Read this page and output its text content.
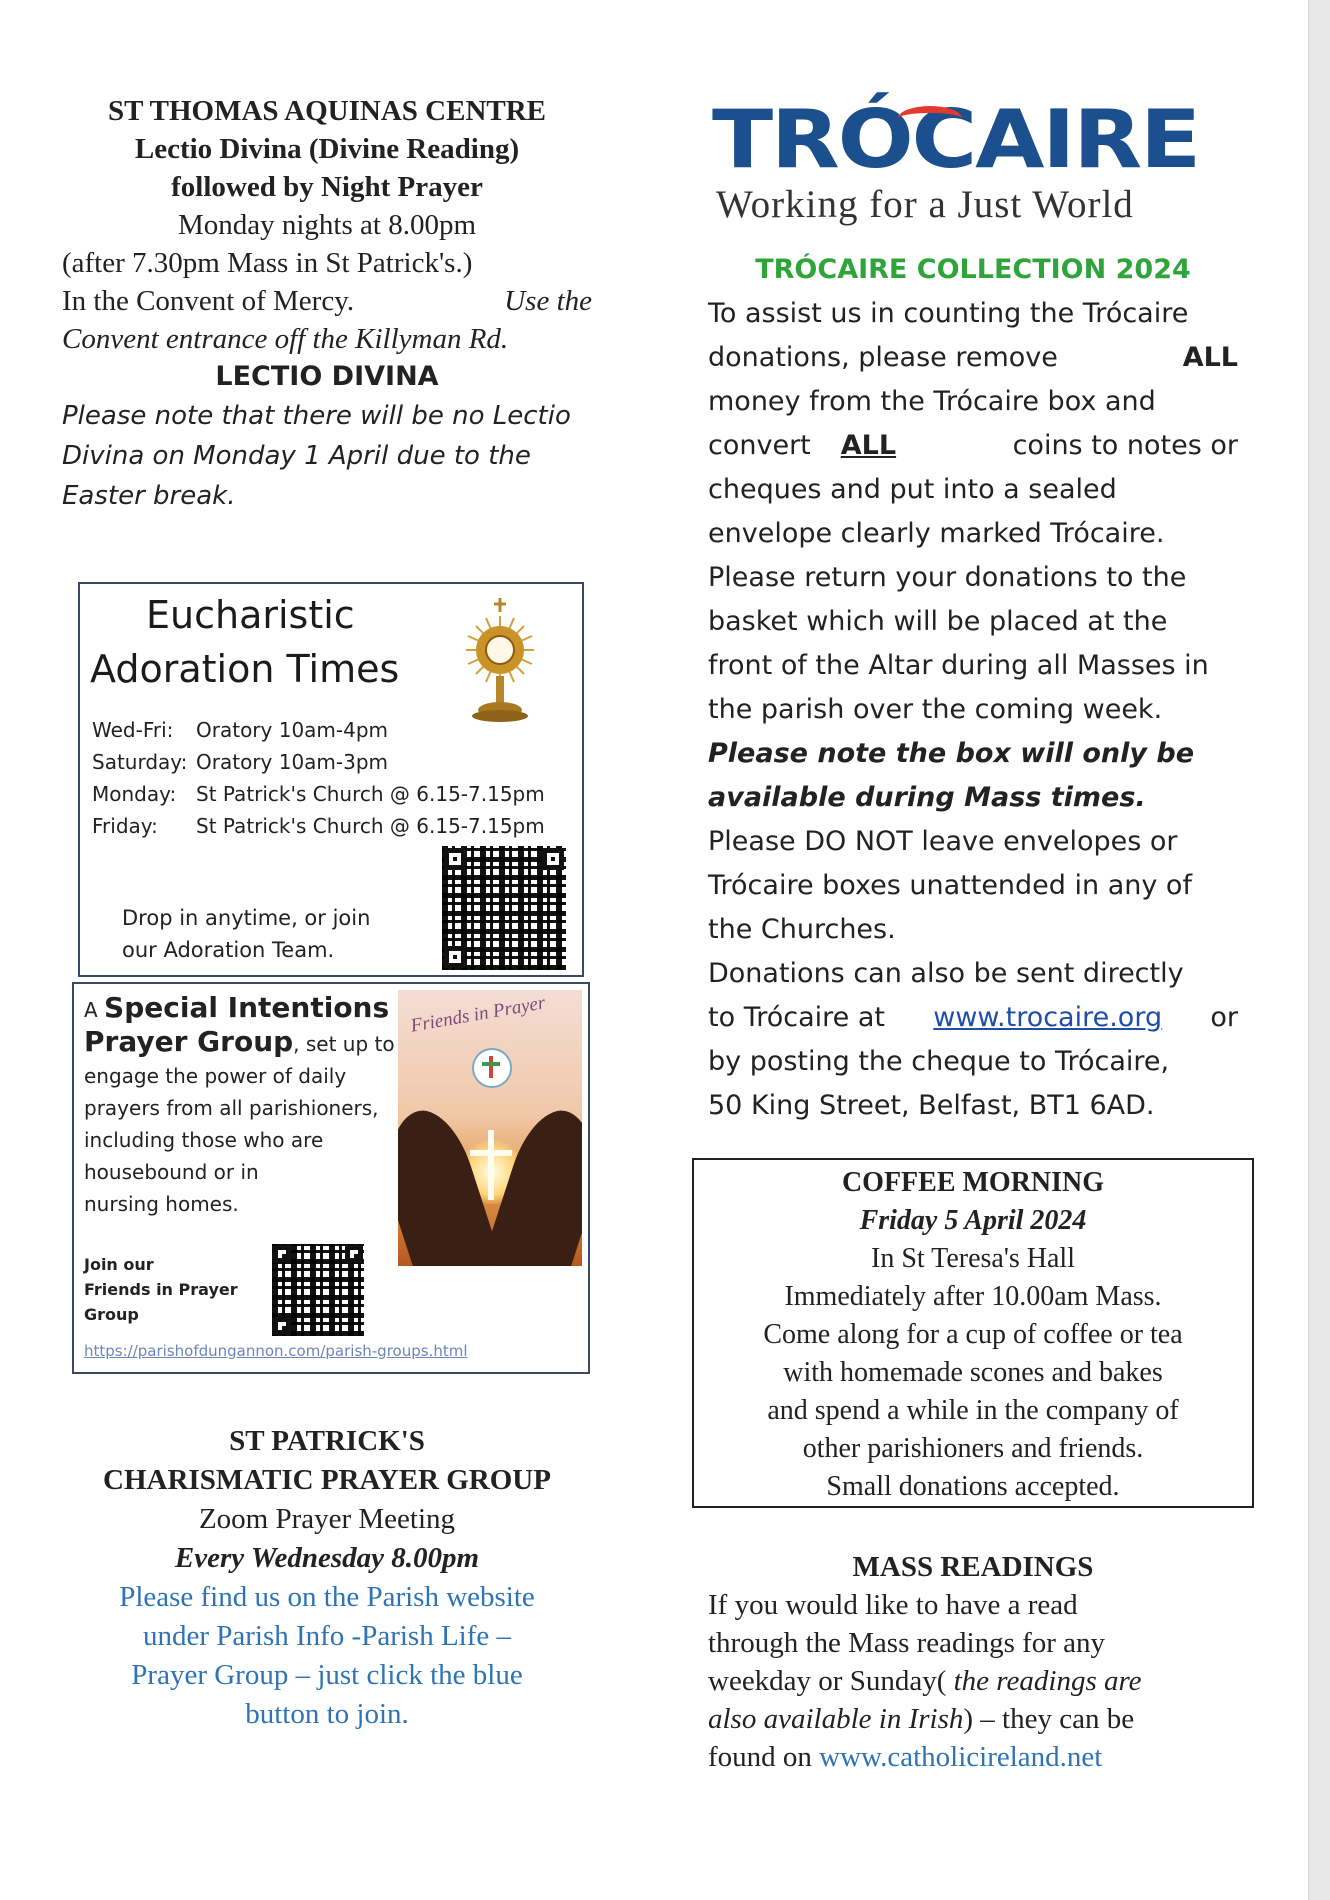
ST THOMAS AQUINAS CENTRE
Lectio Divina (Divine Reading)
followed by Night Prayer
Monday nights at 8.00pm
(after 7.30pm Mass in St Patrick's.)
In the Convent of Mercy.	Use the
Convent entrance off the Killyman Rd.
LECTIO DIVINA
Please note that there will be no Lectio
Divina on Monday 1 April due to the
Easter break.
Eucharistic
Adoration Times
Wed-Fri: Oratory 10am-4pm
Saturday: Oratory 10am-3pm
Monday: St Patrick's Church @ 6.15-7.15pm
Friday: St Patrick's Church @ 6.15-7.15pm
Drop in anytime, or join
our Adoration Team.
A Special Intentions
Prayer Group, set up to
engage the power of daily
prayers from all parishioners,
including those who are
housebound or in
nursing homes.
Join our
Friends in Prayer
Group
https://parishofdungannon.com/parish-groups.html
Friends in Prayer
ST PATRICK'S
CHARISMATIC PRAYER GROUP
Zoom Prayer Meeting
Every Wednesday 8.00pm
Please find us on the Parish website
under Parish Info -Parish Life –
Prayer Group – just click the blue
button to join.
TRÓCAIRE
Working for a Just World
TRÓCAIRE COLLECTION 2024
To assist us in counting the Trócaire
donations, please remove	ALL
money from the Trócaire box and
convert ALL	coins to notes or
cheques and put into a sealed
envelope clearly marked Trócaire.
Please return your donations to the
basket which will be placed at the
front of the Altar during all Masses in
the parish over the coming week.
Please note the box will only be
available during Mass times.
Please DO NOT leave envelopes or
Trócaire boxes unattended in any of
the Churches.
Donations can also be sent directly
to Trócaire at www.trocaire.org or
by posting the cheque to Trócaire,
50 King Street, Belfast, BT1 6AD.
COFFEE MORNING
Friday 5 April 2024
In St Teresa's Hall
Immediately after 10.00am Mass.
Come along for a cup of coffee or tea
with homemade scones and bakes
and spend a while in the company of
other parishioners and friends.
Small donations accepted.
MASS READINGS
If you would like to have a read
through the Mass readings for any
weekday or Sunday( the readings are
also available in Irish) – they can be
found on www.catholicireland.net
